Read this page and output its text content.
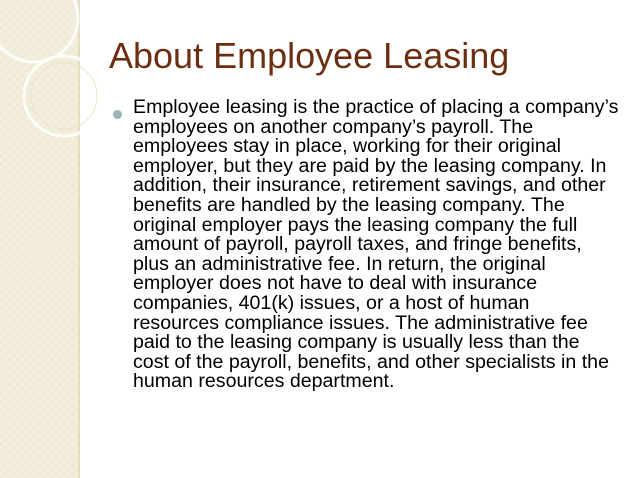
About Employee Leasing

Employee leasing is the practice of placing a company’s employees on another company’s payroll. The employees stay in place, working for their original employer, but they are paid by the leasing company. In addition, their insurance, retirement savings, and other benefits are handled by the leasing company. The original employer pays the leasing company the full amount of payroll, payroll taxes, and fringe benefits, plus an administrative fee. In return, the original employer does not have to deal with insurance companies, 401(k) issues, or a host of human resources compliance issues. The administrative fee paid to the leasing company is usually less than the cost of the payroll, benefits, and other specialists in the human resources department.
